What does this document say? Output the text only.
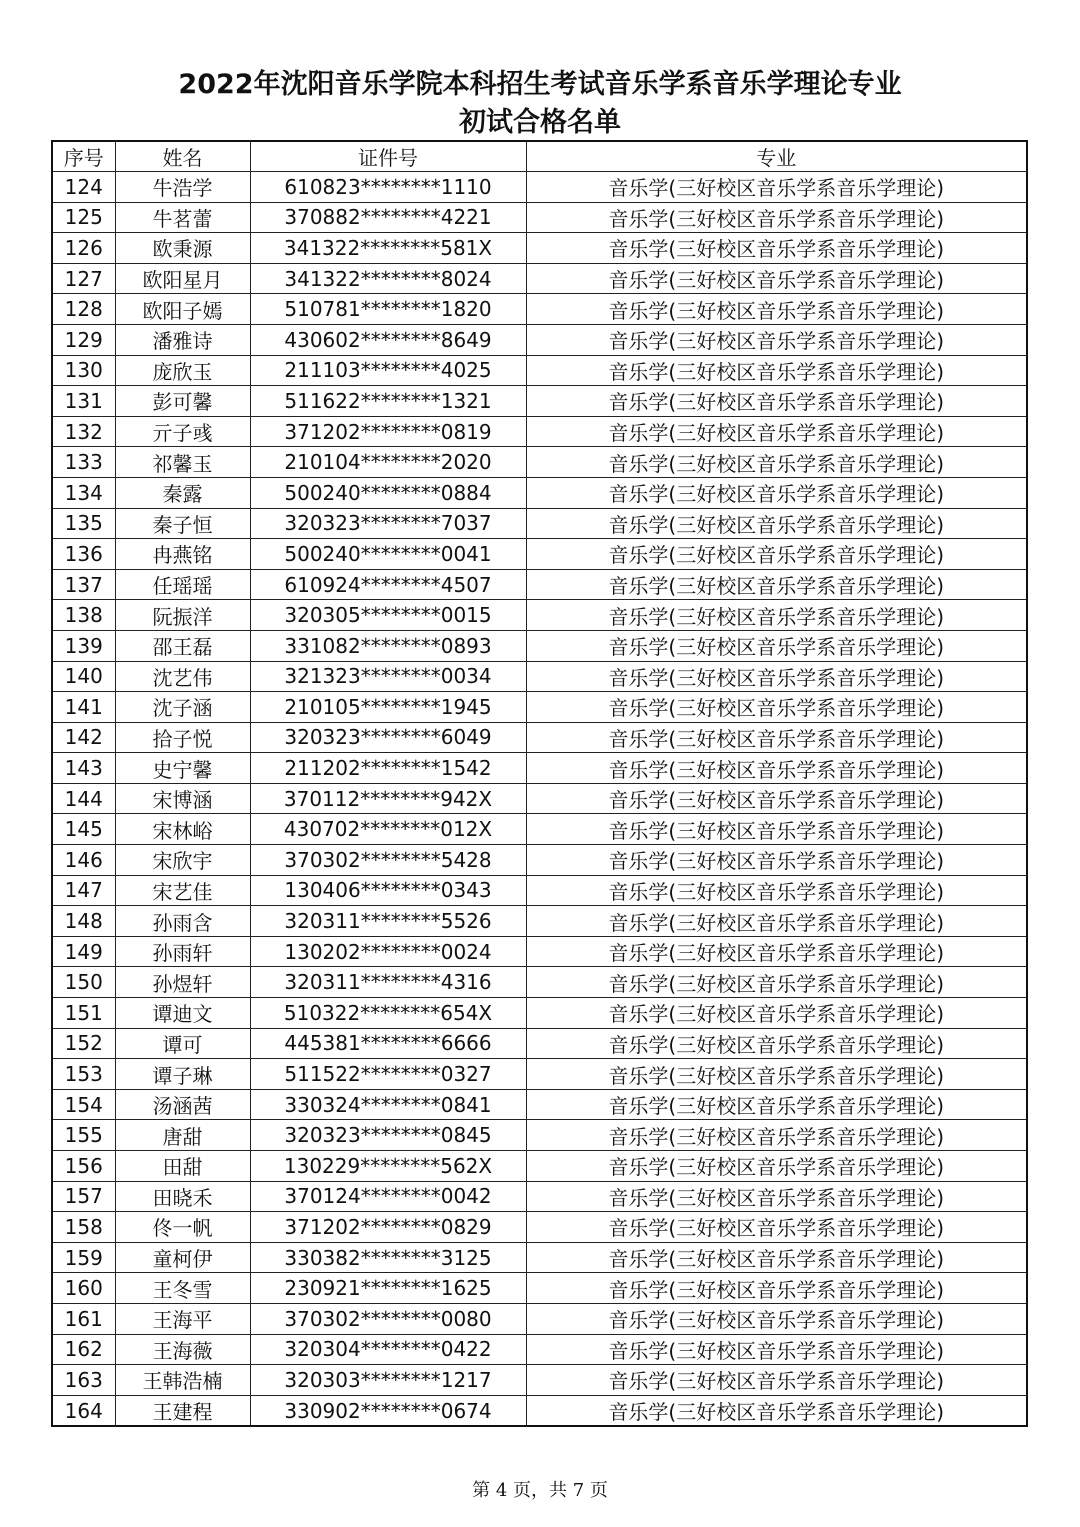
2022年沈阳音乐学院本科招生考试音乐学系音乐学理论专业
初试合格名单
序号	姓名	证件号	专业
124	牛浩学	610823********1110	音乐学(三好校区音乐学系音乐学理论)
125	牛茗蕾	370882********4221	音乐学(三好校区音乐学系音乐学理论)
126	欧秉源	341322********581X	音乐学(三好校区音乐学系音乐学理论)
127	欧阳星月	341322********8024	音乐学(三好校区音乐学系音乐学理论)
128	欧阳子嫣	510781********1820	音乐学(三好校区音乐学系音乐学理论)
129	潘雅诗	430602********8649	音乐学(三好校区音乐学系音乐学理论)
130	庞欣玉	211103********4025	音乐学(三好校区音乐学系音乐学理论)
131	彭可馨	511622********1321	音乐学(三好校区音乐学系音乐学理论)
132	亓子彧	371202********0819	音乐学(三好校区音乐学系音乐学理论)
133	祁馨玉	210104********2020	音乐学(三好校区音乐学系音乐学理论)
134	秦露	500240********0884	音乐学(三好校区音乐学系音乐学理论)
135	秦子恒	320323********7037	音乐学(三好校区音乐学系音乐学理论)
136	冉燕铭	500240********0041	音乐学(三好校区音乐学系音乐学理论)
137	任瑶瑶	610924********4507	音乐学(三好校区音乐学系音乐学理论)
138	阮振洋	320305********0015	音乐学(三好校区音乐学系音乐学理论)
139	邵王磊	331082********0893	音乐学(三好校区音乐学系音乐学理论)
140	沈艺伟	321323********0034	音乐学(三好校区音乐学系音乐学理论)
141	沈子涵	210105********1945	音乐学(三好校区音乐学系音乐学理论)
142	拾子悦	320323********6049	音乐学(三好校区音乐学系音乐学理论)
143	史宁馨	211202********1542	音乐学(三好校区音乐学系音乐学理论)
144	宋博涵	370112********942X	音乐学(三好校区音乐学系音乐学理论)
145	宋林峪	430702********012X	音乐学(三好校区音乐学系音乐学理论)
146	宋欣宇	370302********5428	音乐学(三好校区音乐学系音乐学理论)
147	宋艺佳	130406********0343	音乐学(三好校区音乐学系音乐学理论)
148	孙雨含	320311********5526	音乐学(三好校区音乐学系音乐学理论)
149	孙雨轩	130202********0024	音乐学(三好校区音乐学系音乐学理论)
150	孙煜轩	320311********4316	音乐学(三好校区音乐学系音乐学理论)
151	谭迪文	510322********654X	音乐学(三好校区音乐学系音乐学理论)
152	谭可	445381********6666	音乐学(三好校区音乐学系音乐学理论)
153	谭子琳	511522********0327	音乐学(三好校区音乐学系音乐学理论)
154	汤涵茜	330324********0841	音乐学(三好校区音乐学系音乐学理论)
155	唐甜	320323********0845	音乐学(三好校区音乐学系音乐学理论)
156	田甜	130229********562X	音乐学(三好校区音乐学系音乐学理论)
157	田晓禾	370124********0042	音乐学(三好校区音乐学系音乐学理论)
158	佟一帆	371202********0829	音乐学(三好校区音乐学系音乐学理论)
159	童柯伊	330382********3125	音乐学(三好校区音乐学系音乐学理论)
160	王冬雪	230921********1625	音乐学(三好校区音乐学系音乐学理论)
161	王海平	370302********0080	音乐学(三好校区音乐学系音乐学理论)
162	王海薇	320304********0422	音乐学(三好校区音乐学系音乐学理论)
163	王韩浩楠	320303********1217	音乐学(三好校区音乐学系音乐学理论)
164	王建程	330902********0674	音乐学(三好校区音乐学系音乐学理论)
第 4 页，共 7 页
